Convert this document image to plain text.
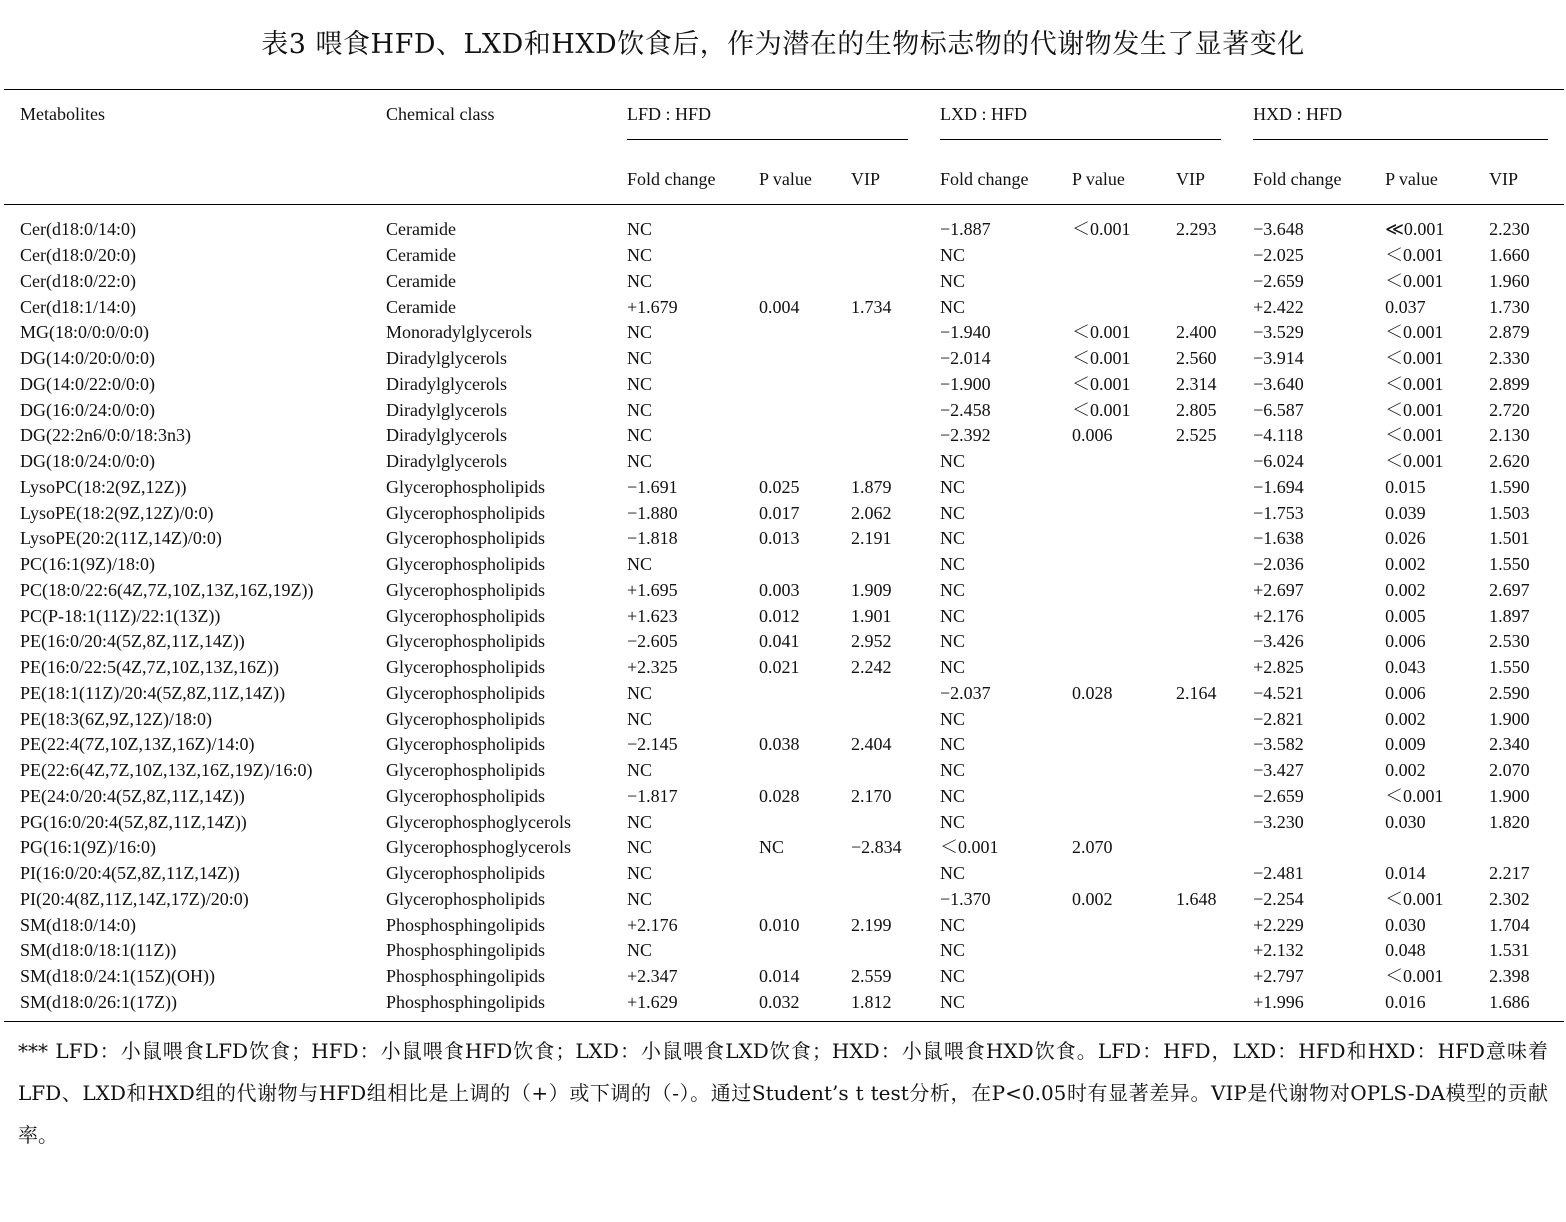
表3 喂食HFD、LXD和HXD饮食后，作为潜在的生物标志物的代谢物发生了显著变化
Metabolites	Chemical class	LFD : HFD			LXD : HFD			HXD : HFD		

		Fold change	P value	VIP	Fold change	P value	VIP	Fold change	P value	VIP

Cer(d18:0/14:0)	Ceramide	NC			−1.887	＜0.001	2.293	−3.648	≪0.001	2.230
Cer(d18:0/20:0)	Ceramide	NC			NC			−2.025	＜0.001	1.660
Cer(d18:0/22:0)	Ceramide	NC			NC			−2.659	＜0.001	1.960
Cer(d18:1/14:0)	Ceramide	+1.679	0.004	1.734	NC			+2.422	0.037	1.730
MG(18:0/0:0/0:0)	Monoradylglycerols	NC			−1.940	＜0.001	2.400	−3.529	＜0.001	2.879
DG(14:0/20:0/0:0)	Diradylglycerols	NC			−2.014	＜0.001	2.560	−3.914	＜0.001	2.330
DG(14:0/22:0/0:0)	Diradylglycerols	NC			−1.900	＜0.001	2.314	−3.640	＜0.001	2.899
DG(16:0/24:0/0:0)	Diradylglycerols	NC			−2.458	＜0.001	2.805	−6.587	＜0.001	2.720
DG(22:2n6/0:0/18:3n3)	Diradylglycerols	NC			−2.392	0.006	2.525	−4.118	＜0.001	2.130
DG(18:0/24:0/0:0)	Diradylglycerols	NC			NC			−6.024	＜0.001	2.620
LysoPC(18:2(9Z,12Z))	Glycerophospholipids	−1.691	0.025	1.879	NC			−1.694	0.015	1.590
LysoPE(18:2(9Z,12Z)/0:0)	Glycerophospholipids	−1.880	0.017	2.062	NC			−1.753	0.039	1.503
LysoPE(20:2(11Z,14Z)/0:0)	Glycerophospholipids	−1.818	0.013	2.191	NC			−1.638	0.026	1.501
PC(16:1(9Z)/18:0)	Glycerophospholipids	NC			NC			−2.036	0.002	1.550
PC(18:0/22:6(4Z,7Z,10Z,13Z,16Z,19Z))	Glycerophospholipids	+1.695	0.003	1.909	NC			+2.697	0.002	2.697
PC(P-18:1(11Z)/22:1(13Z))	Glycerophospholipids	+1.623	0.012	1.901	NC			+2.176	0.005	1.897
PE(16:0/20:4(5Z,8Z,11Z,14Z))	Glycerophospholipids	−2.605	0.041	2.952	NC			−3.426	0.006	2.530
PE(16:0/22:5(4Z,7Z,10Z,13Z,16Z))	Glycerophospholipids	+2.325	0.021	2.242	NC			+2.825	0.043	1.550
PE(18:1(11Z)/20:4(5Z,8Z,11Z,14Z))	Glycerophospholipids	NC			−2.037	0.028	2.164	−4.521	0.006	2.590
PE(18:3(6Z,9Z,12Z)/18:0)	Glycerophospholipids	NC			NC			−2.821	0.002	1.900
PE(22:4(7Z,10Z,13Z,16Z)/14:0)	Glycerophospholipids	−2.145	0.038	2.404	NC			−3.582	0.009	2.340
PE(22:6(4Z,7Z,10Z,13Z,16Z,19Z)/16:0)	Glycerophospholipids	NC			NC			−3.427	0.002	2.070
PE(24:0/20:4(5Z,8Z,11Z,14Z))	Glycerophospholipids	−1.817	0.028	2.170	NC			−2.659	＜0.001	1.900
PG(16:0/20:4(5Z,8Z,11Z,14Z))	Glycerophosphoglycerols	NC			NC			−3.230	0.030	1.820
PG(16:1(9Z)/16:0)	Glycerophosphoglycerols	NC	NC	−2.834	＜0.001	2.070				
PI(16:0/20:4(5Z,8Z,11Z,14Z))	Glycerophospholipids	NC			NC			−2.481	0.014	2.217
PI(20:4(8Z,11Z,14Z,17Z)/20:0)	Glycerophospholipids	NC			−1.370	0.002	1.648	−2.254	＜0.001	2.302
SM(d18:0/14:0)	Phosphosphingolipids	+2.176	0.010	2.199	NC			+2.229	0.030	1.704
SM(d18:0/18:1(11Z))	Phosphosphingolipids	NC			NC			+2.132	0.048	1.531
SM(d18:0/24:1(15Z)(OH))	Phosphosphingolipids	+2.347	0.014	2.559	NC			+2.797	＜0.001	2.398
SM(d18:0/26:1(17Z))	Phosphosphingolipids	+1.629	0.032	1.812	NC			+1.996	0.016	1.686

*** LFD：小鼠喂食LFD饮食；HFD：小鼠喂食HFD饮食；LXD：小鼠喂食LXD饮食；HXD：小鼠喂食HXD饮食。LFD：HFD，LXD：HFD和HXD：HFD意味着LFD、LXD和HXD组的代谢物与HFD组相比是上调的（+）或下调的（-）。通过Student’s t test分析，在P<0.05时有显著差异。VIP是代谢物对OPLS-DA模型的贡献率。
